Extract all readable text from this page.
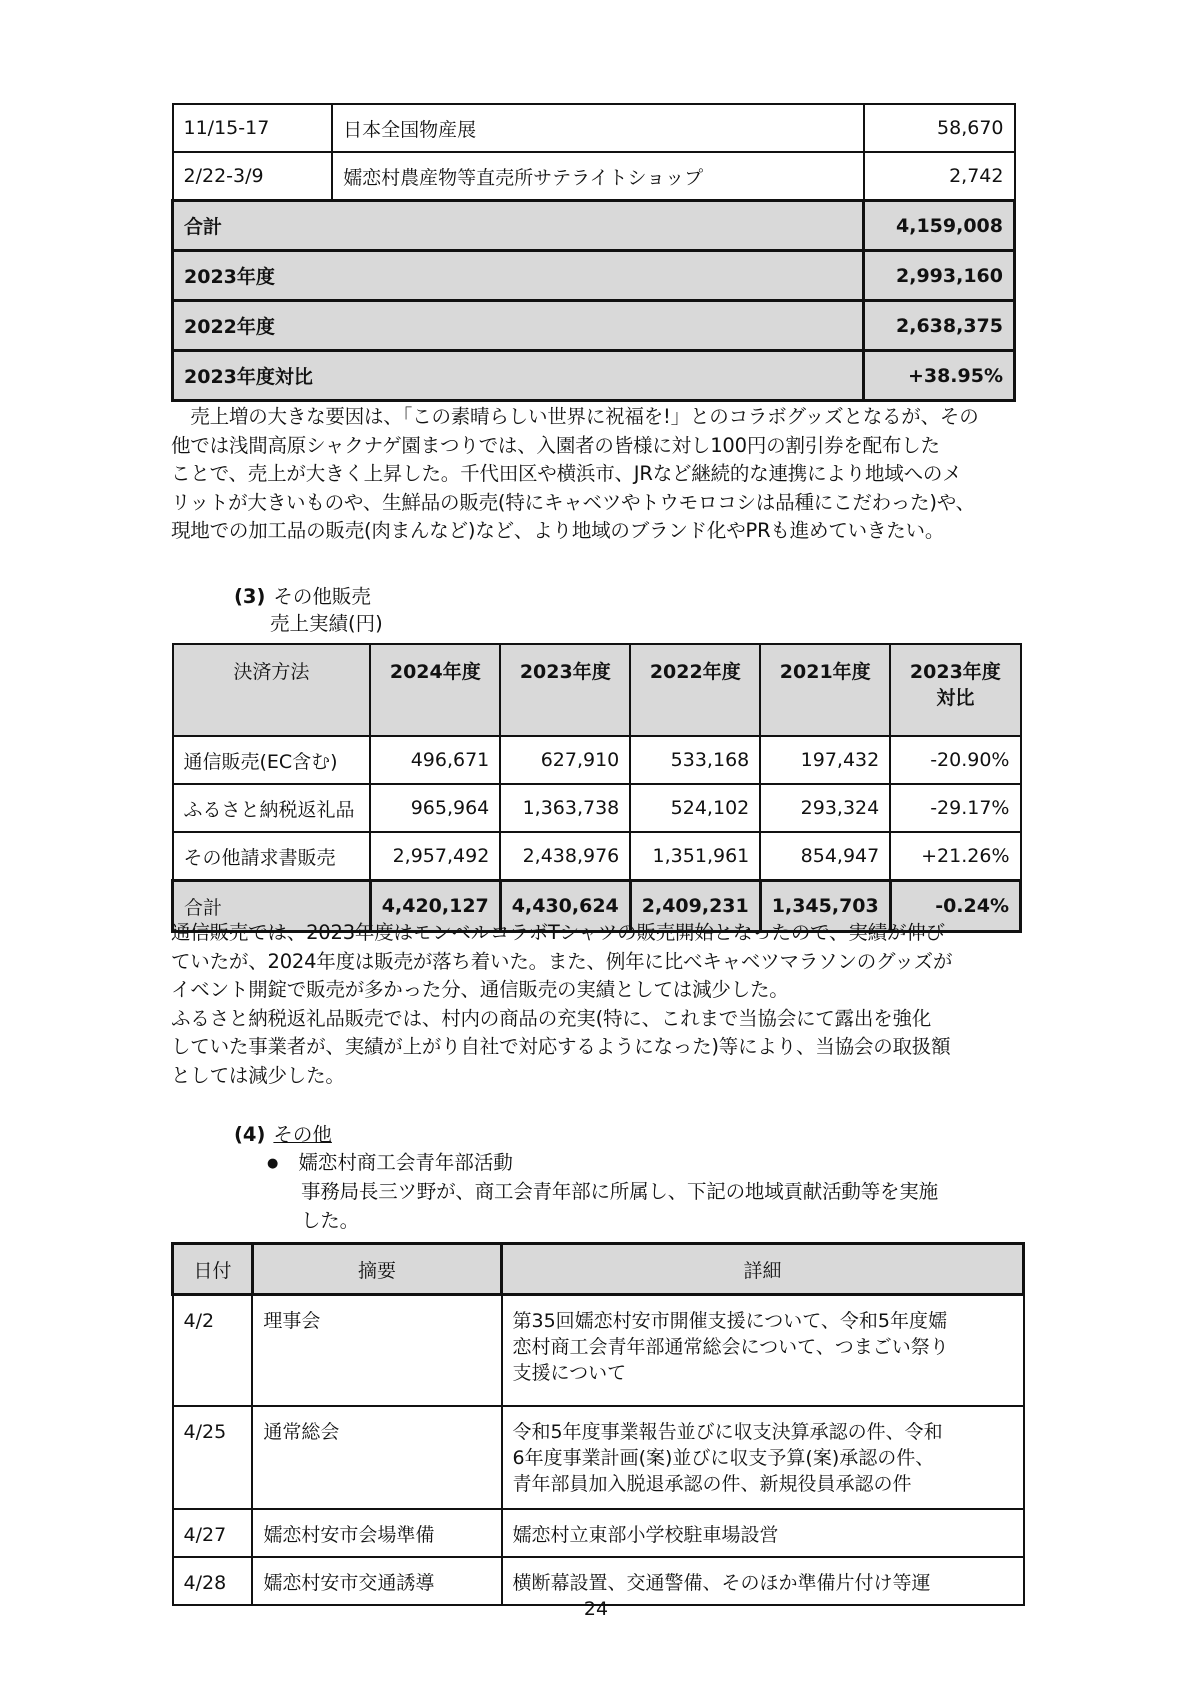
11/15-17	日本全国物産展	58,670
2/22-3/9	嬬恋村農産物等直売所サテライトショップ	2,742
合計		4,159,008
2023年度		2,993,160
2022年度		2,638,375
2023年度対比		+38.95%
　売上増の大きな要因は、「この素晴らしい世界に祝福を!」とのコラボグッズとなるが、その
他では浅間高原シャクナゲ園まつりでは、入園者の皆様に対し100円の割引券を配布した
ことで、売上が大きく上昇した。千代田区や横浜市、JRなど継続的な連携により地域へのメ
リットが大きいものや、生鮮品の販売(特にキャベツやトウモロコシは品種にこだわった)や、
現地での加工品の販売(肉まんなど)など、より地域のブランド化やPRも進めていきたい。
(3) その他販売
売上実績(円)
決済方法	2024年度	2023年度	2022年度	2021年度	2023年度
対比
通信販売(EC含む)	496,671	627,910	533,168	197,432	-20.90%
ふるさと納税返礼品	965,964	1,363,738	524,102	293,324	-29.17%
その他請求書販売	2,957,492	2,438,976	1,351,961	854,947	+21.26%
合計	4,420,127	4,430,624	2,409,231	1,345,703	-0.24%
通信販売では、2023年度はモンベルコラボTシャツの販売開始となったので、実績が伸び
ていたが、2024年度は販売が落ち着いた。また、例年に比べキャベツマラソンのグッズが
イベント開錠で販売が多かった分、通信販売の実績としては減少した。
ふるさと納税返礼品販売では、村内の商品の充実(特に、これまで当協会にて露出を強化
していた事業者が、実績が上がり自社で対応するようになった)等により、当協会の取扱額
としては減少した。
(4) その他
● 嬬恋村商工会青年部活動
事務局長三ツ野が、商工会青年部に所属し、下記の地域貢献活動等を実施
した。
日付	摘要	詳細
4/2	理事会	第35回嬬恋村安市開催支援について、令和5年度嬬
恋村商工会青年部通常総会について、つまごい祭り
支援について

4/25	通常総会	令和5年度事業報告並びに収支決算承認の件、令和
6年度事業計画(案)並びに収支予算(案)承認の件、
青年部員加入脱退承認の件、新規役員承認の件

4/27	嬬恋村安市会場準備	嬬恋村立東部小学校駐車場設営

4/28	嬬恋村安市交通誘導	横断幕設置、交通警備、そのほか準備片付け等運
24
